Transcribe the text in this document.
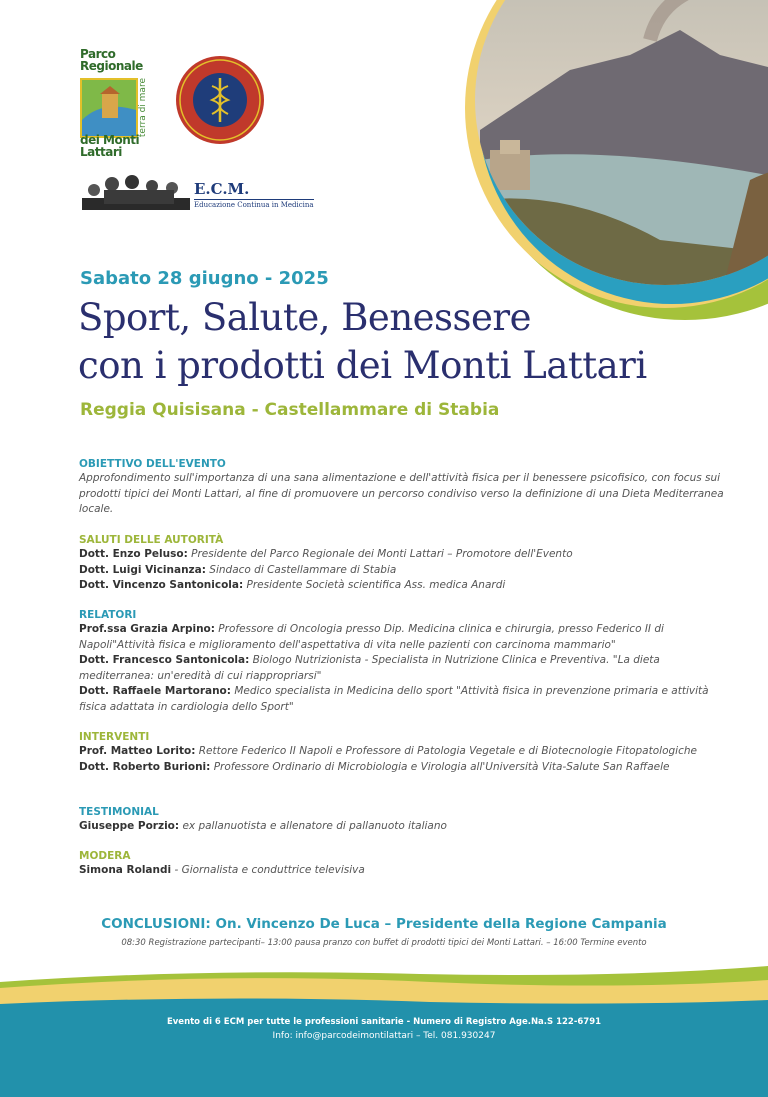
Parco
Regionale
terra di mare
dei Monti
Lattari
E.C.M.
Educazione Continua in Medicina
Sabato 28 giugno - 2025
Sport, Salute, Benessere
con i prodotti dei Monti Lattari
Reggia Quisisana - Castellammare di Stabia

OBIETTIVO DELL'EVENTO

Approfondimento sull'importanza di una sana alimentazione e dell'attività fisica per il benessere psicofisico, con focus sui prodotti tipici dei Monti Lattari, al fine di promuovere un percorso condiviso verso la definizione di una Dieta Mediterranea locale.

SALUTI DELLE AUTORITÀ

Dott. Enzo Peluso: Presidente del Parco Regionale dei Monti Lattari – Promotore dell'Evento

Dott. Luigi Vicinanza: Sindaco di Castellammare di Stabia

Dott. Vincenzo Santonicola: Presidente Società scientifica Ass. medica Anardi

RELATORI

Prof.ssa Grazia Arpino: Professore di Oncologia presso Dip. Medicina clinica e chirurgia, presso Federico II di Napoli"Attività fisica e miglioramento dell'aspettativa di vita nelle pazienti con carcinoma mammario"

Dott. Francesco Santonicola: Biologo Nutrizionista - Specialista in Nutrizione Clinica e Preventiva. "La dieta mediterranea: un'eredità di cui riappropriarsi"

Dott. Raffaele Martorano: Medico specialista in Medicina dello sport "Attività fisica in prevenzione primaria e attività fisica adattata in cardiologia dello Sport"

INTERVENTI

Prof. Matteo Lorito: Rettore Federico II Napoli e Professore di Patologia Vegetale e di Biotecnologie Fitopatologiche

Dott. Roberto Burioni: Professore Ordinario di Microbiologia e Virologia all'Università Vita-Salute San Raffaele

TESTIMONIAL

Giuseppe Porzio: ex pallanuotista e allenatore di pallanuoto italiano

MODERA

Simona Rolandi - Giornalista e conduttrice televisiva

CONCLUSIONI: On. Vincenzo De Luca – Presidente della Regione Campania
08:30 Registrazione partecipanti– 13:00 pausa pranzo con buffet di prodotti tipici dei Monti Lattari. – 16:00 Termine evento
Evento di 6 ECM per tutte le professioni sanitarie - Numero di Registro Age.Na.S 122-6791
Info: info@parcodeimontilattari – Tel. 081.930247
